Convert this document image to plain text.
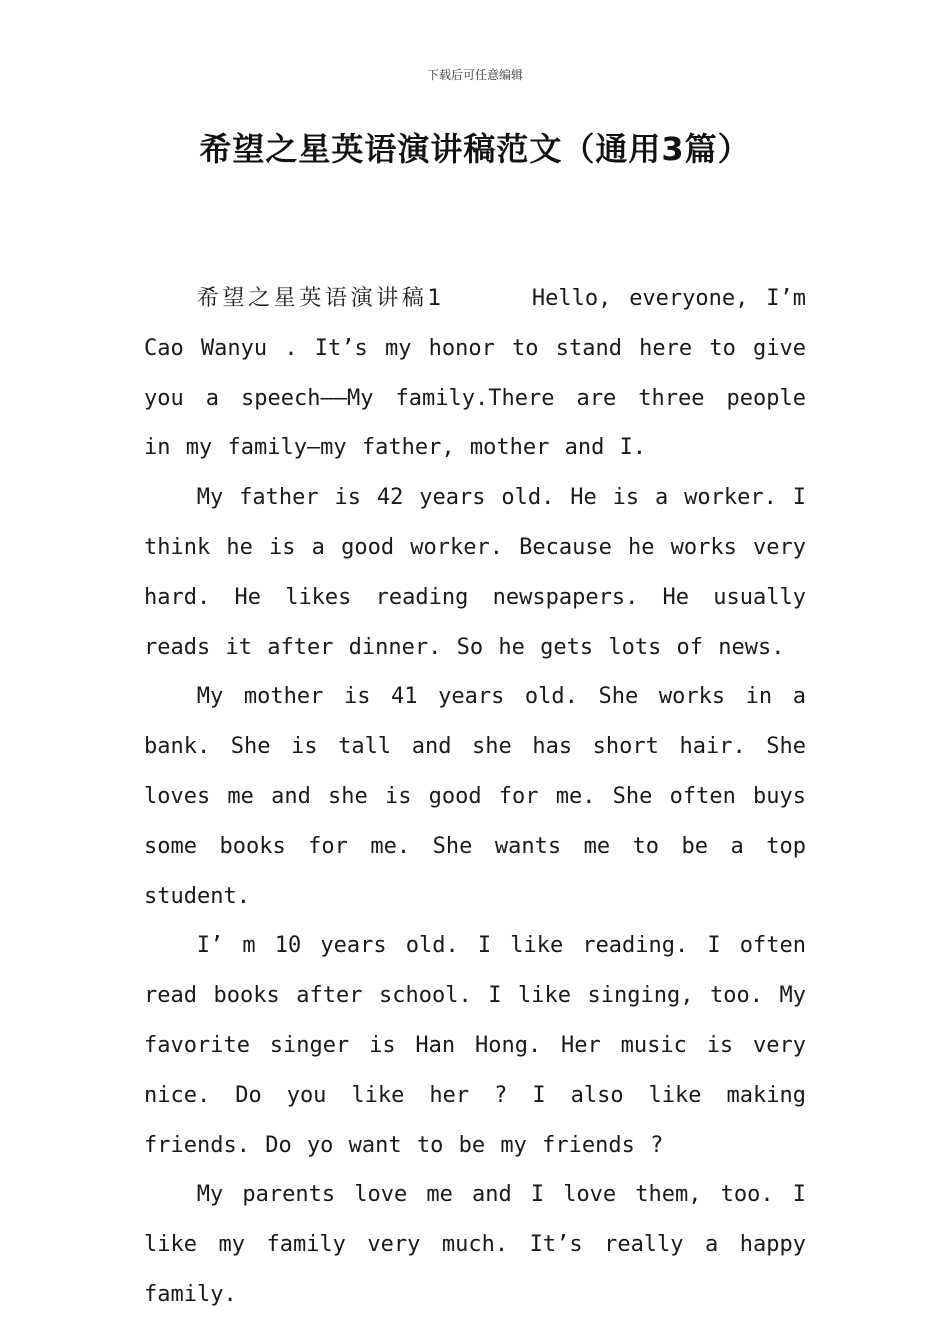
下载后可任意编辑
希望之星英语演讲稿范文（通用3篇）

希望之星英语演讲稿1	Hello, everyone, I’m Cao Wanyu . It’s my honor to stand here to give you a speech——My family.There are three people in my family—my father, mother and I.

My father is 42 years old. He is a worker. I think he is a good worker. Because he works very hard. He likes reading newspapers. He usually reads it after dinner. So he gets lots of news.

My mother is 41 years old. She works in a bank. She is tall and she has short hair. She loves me and she is good for me. She often buys some books for me. She wants me to be a top student.

I’ m 10 years old. I like reading. I often read books after school. I like singing, too. My favorite singer is Han Hong. Her music is very nice. Do you like her ? I also like making friends. Do yo want to be my friends ?

My parents love me and I love them, too. I like my family very much. It’s really a happy family.
